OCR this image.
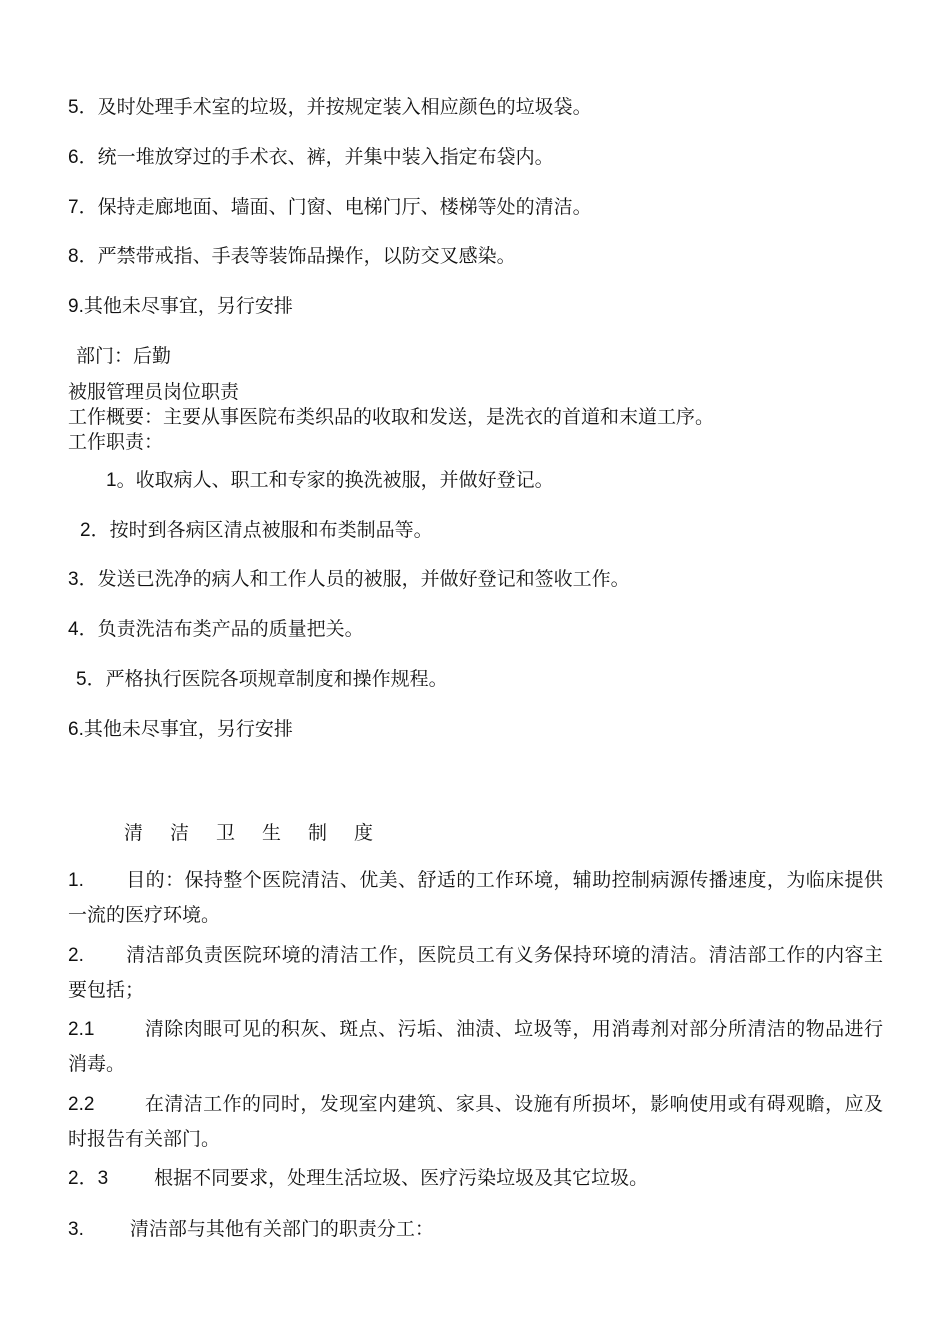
5．及时处理手术室的垃圾，并按规定装入相应颜色的垃圾袋。
6．统一堆放穿过的手术衣、裤，并集中装入指定布袋内。
7．保持走廊地面、墙面、门窗、电梯门厅、楼梯等处的清洁。
8．严禁带戒指、手表等装饰品操作，以防交叉感染。
9.其他未尽事宜，另行安排
部门：后勤
被服管理员岗位职责
工作概要：主要从事医院布类织品的收取和发送，是洗衣的首道和末道工序。
工作职责：
1。收取病人、职工和专家的换洗被服，并做好登记。
2．按时到各病区清点被服和布类制品等。
3．发送已洗净的病人和工作人员的被服，并做好登记和签收工作。
4．负责洗洁布类产品的质量把关。
5．严格执行医院各项规章制度和操作规程。
6.其他未尽事宜，另行安排
清洁卫生制度
1. 目的：保持整个医院清洁、优美、舒适的工作环境，辅助控制病源传播速度，为临床提供一流的医疗环境。
2. 清洁部负责医院环境的清洁工作，医院员工有义务保持环境的清洁。清洁部工作的内容主要包括；
2.1	清除肉眼可见的积灰、斑点、污垢、油渍、垃圾等，用消毒剂对部分所清洁的物品进行消毒。
2.2	在清洁工作的同时，发现室内建筑、家具、设施有所损坏，影响使用或有碍观瞻，应及时报告有关部门。
2．3 根据不同要求，处理生活垃圾、医疗污染垃圾及其它垃圾。
3. 清洁部与其他有关部门的职责分工：
